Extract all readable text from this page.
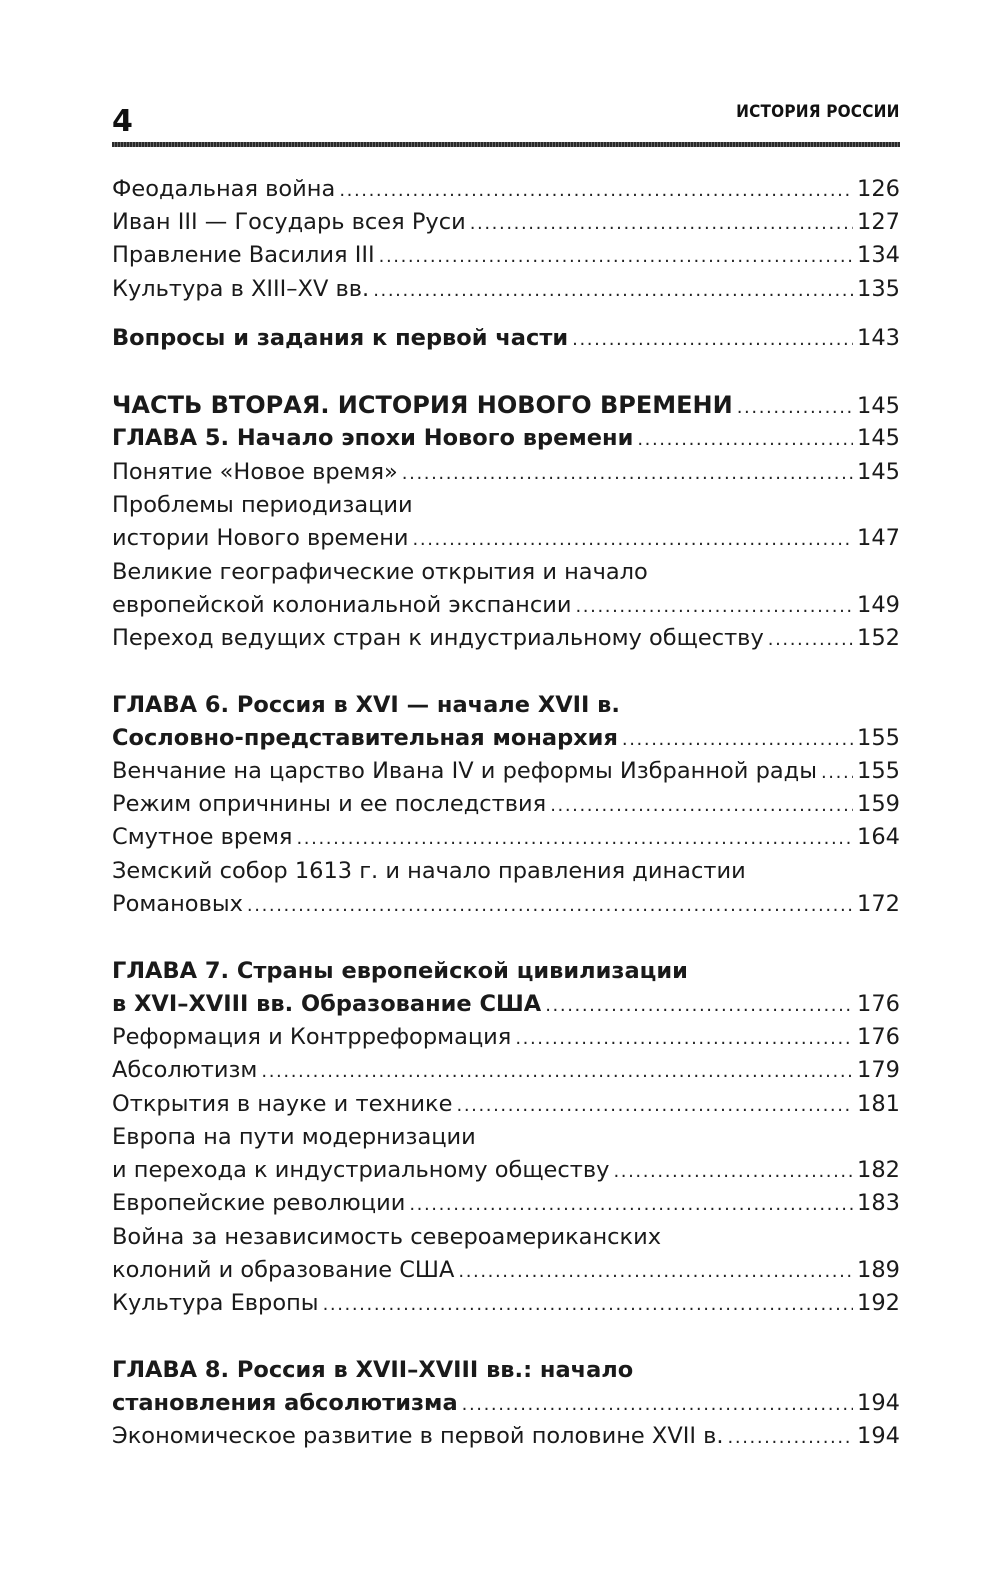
4	ИСТОРИЯ РОССИИ
Феодальная война .....	126
Иван III — Государь всея Руси .....	127
Правление Василия III .....	134
Культура в XIII–XV вв. .....	135
Вопросы и задания к первой части .....	143
ЧАСТЬ ВТОРАЯ. ИСТОРИЯ НОВОГО ВРЕМЕНИ .....	145
ГЛАВА 5. Начало эпохи Нового времени .....	145
Понятие «Новое время» .....	145
Проблемы периодизации
истории Нового времени .....	147
Великие географические открытия и начало
европейской колониальной экспансии .....	149
Переход ведущих стран к индустриальному обществу .....	152
ГЛАВА 6. Россия в XVI — начале XVII в.
Сословно-представительная монархия .....	155
Венчание на царство Ивана IV и реформы Избранной рады ..... 155
Режим опричнины и ее последствия .....	159
Смутное время .....	164
Земский собор 1613 г. и начало правления династии
Романовых .....	172
ГЛАВА 7. Страны европейской цивилизации
в XVI–XVIII вв. Образование США .....	176
Реформация и Контрреформация .....	176
Абсолютизм .....	179
Открытия в науке и технике .....	181
Европа на пути модернизации
и перехода к индустриальному обществу .....	182
Европейские революции .....	183
Война за независимость североамериканских
колоний и образование США .....	189
Культура Европы .....	192
ГЛАВА 8. Россия в XVII–XVIII вв.: начало
становления абсолютизма .....	194
Экономическое развитие в первой половине XVII в. .....	194
